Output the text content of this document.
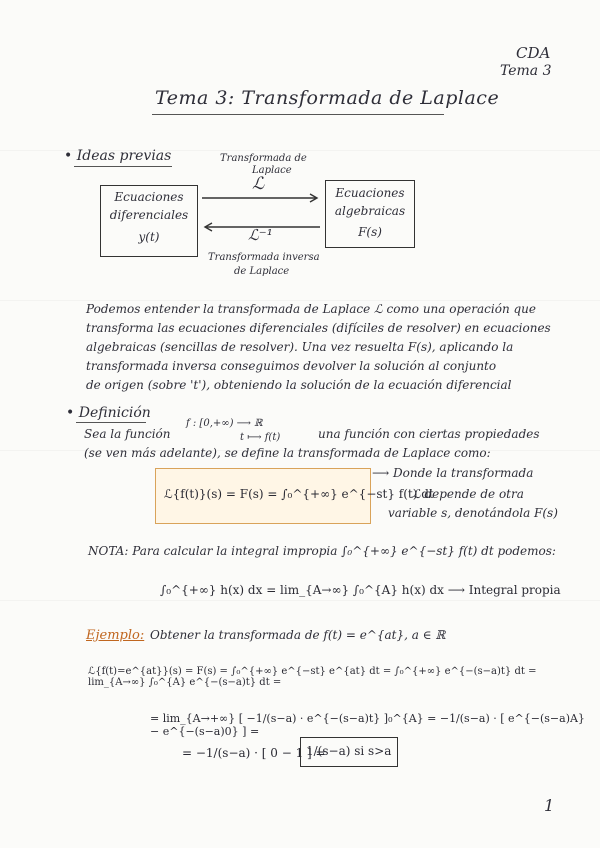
CDA
Tema 3
Tema 3: Transformada de Laplace
• Ideas previas
Ecuaciones
diferenciales
y(t)
Ecuaciones
algebraicas
F(s)
Transformada de
Laplace
ℒ
ℒ⁻¹
Transformada inversa
de Laplace
Podemos entender la transformada de Laplace ℒ como una operación que
transforma las ecuaciones diferenciales (difíciles de resolver) en ecuaciones
algebraicas (sencillas de resolver). Una vez resuelta F(s), aplicando la
transformada inversa conseguimos devolver la solución al conjunto
de origen (sobre 't'), obteniendo la solución de la ecuación diferencial
• Definición
Sea la función
f : [0,+∞) ⟶ ℝ
t ⟼ f(t)	una función con ciertas propiedades
(se ven más adelante), se define la transformada de Laplace como:
ℒ{f(t)}(s) = F(s) = ∫₀^{+∞} e^{−st} f(t) dt
⟶ Donde la transformada
ℒ depende de otra
variable s, denotándola F(s)
NOTA: Para calcular la integral impropia ∫₀^{+∞} e^{−st} f(t) dt podemos:
∫₀^{+∞} h(x) dx = lim_{A→∞} ∫₀^{A} h(x) dx ⟶ Integral propia
Ejemplo: Obtener la transformada de f(t) = e^{at}, a ∈ ℝ
ℒ{f(t)=e^{at}}(s) = F(s) = ∫₀^{+∞} e^{−st} e^{at} dt = ∫₀^{+∞} e^{−(s−a)t} dt = lim_{A→∞} ∫₀^{A} e^{−(s−a)t} dt =
= lim_{A→+∞} [ −1/(s−a) · e^{−(s−a)t} ]₀^{A} = −1/(s−a) · [ e^{−(s−a)A} − e^{−(s−a)0} ] =
= −1/(s−a) · [ 0 − 1 ] =
1/(s−a) si s>a
1
